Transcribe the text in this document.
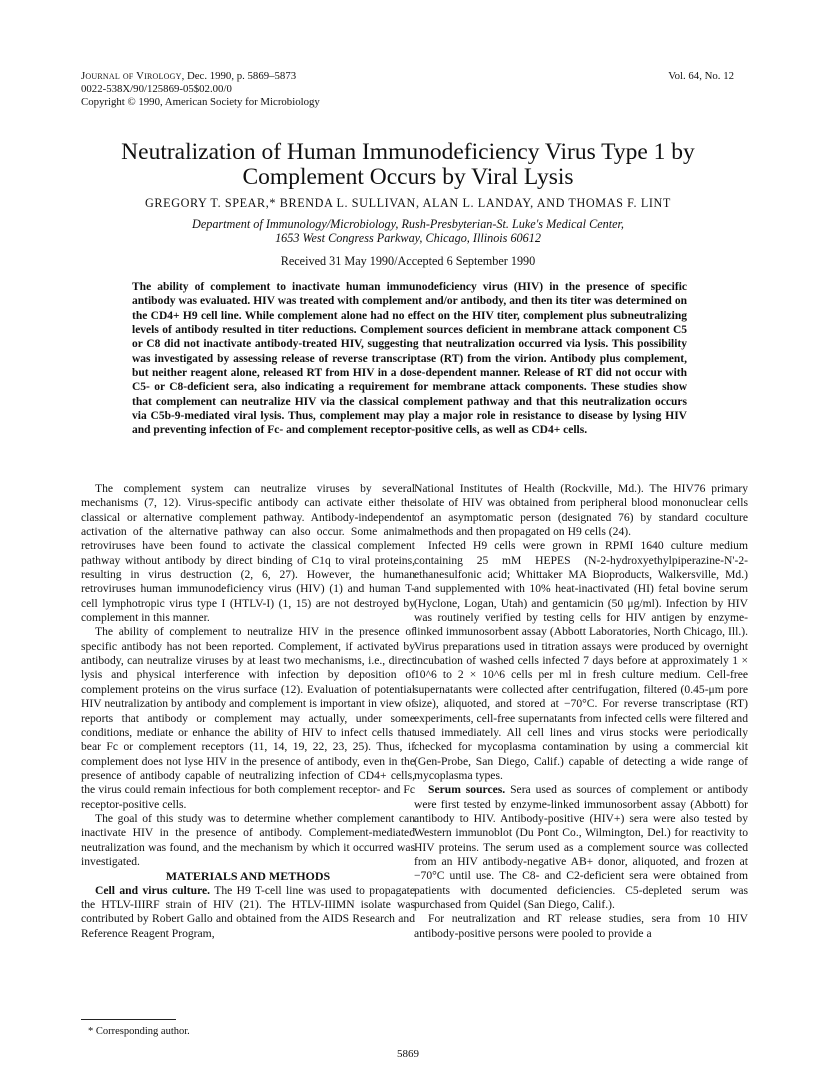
Journal of Virology, Dec. 1990, p. 5869–5873
0022-538X/90/125869-05$02.00/0
Copyright © 1990, American Society for Microbiology
Vol. 64, No. 12
Neutralization of Human Immunodeficiency Virus Type 1 by
Complement Occurs by Viral Lysis
GREGORY T. SPEAR,* BRENDA L. SULLIVAN, ALAN L. LANDAY, AND THOMAS F. LINT
Department of Immunology/Microbiology, Rush-Presbyterian-St. Luke's Medical Center,
1653 West Congress Parkway, Chicago, Illinois 60612
Received 31 May 1990/Accepted 6 September 1990
The ability of complement to inactivate human immunodeficiency virus (HIV) in the presence of specific antibody was evaluated. HIV was treated with complement and/or antibody, and then its titer was determined on the CD4+ H9 cell line. While complement alone had no effect on the HIV titer, complement plus subneutralizing levels of antibody resulted in titer reductions. Complement sources deficient in membrane attack component C5 or C8 did not inactivate antibody-treated HIV, suggesting that neutralization occurred via lysis. This possibility was investigated by assessing release of reverse transcriptase (RT) from the virion. Antibody plus complement, but neither reagent alone, released RT from HIV in a dose-dependent manner. Release of RT did not occur with C5- or C8-deficient sera, also indicating a requirement for membrane attack components. These studies show that complement can neutralize HIV via the classical complement pathway and that this neutralization occurs via C5b-9-mediated viral lysis. Thus, complement may play a major role in resistance to disease by lysing HIV and preventing infection of Fc- and complement receptor-positive cells, as well as CD4+ cells.

The complement system can neutralize viruses by several mechanisms (7, 12). Virus-specific antibody can activate either the classical or alternative complement pathway. Antibody-independent activation of the alternative pathway can also occur. Some animal retroviruses have been found to activate the classical complement pathway without antibody by direct binding of C1q to viral proteins, resulting in virus destruction (2, 6, 27). However, the human retroviruses human immunodeficiency virus (HIV) (1) and human T-cell lymphotropic virus type I (HTLV-I) (1, 15) are not destroyed by complement in this manner.

The ability of complement to neutralize HIV in the presence of specific antibody has not been reported. Complement, if activated by antibody, can neutralize viruses by at least two mechanisms, i.e., direct lysis and physical interference with infection by deposition of complement proteins on the virus surface (12). Evaluation of potential HIV neutralization by antibody and complement is important in view of reports that antibody or complement may actually, under some conditions, mediate or enhance the ability of HIV to infect cells that bear Fc or complement receptors (11, 14, 19, 22, 23, 25). Thus, if complement does not lyse HIV in the presence of antibody, even in the presence of antibody capable of neutralizing infection of CD4+ cells, the virus could remain infectious for both complement receptor- and Fc receptor-positive cells.

The goal of this study was to determine whether complement can inactivate HIV in the presence of antibody. Complement-mediated neutralization was found, and the mechanism by which it occurred was investigated.

MATERIALS AND METHODS

Cell and virus culture. The H9 T-cell line was used to propagate the HTLV-IIIRF strain of HIV (21). The HTLV-IIIMN isolate was contributed by Robert Gallo and obtained from the AIDS Research and Reference Reagent Program,

National Institutes of Health (Rockville, Md.). The HIV76 primary isolate of HIV was obtained from peripheral blood mononuclear cells of an asymptomatic person (designated 76) by standard coculture methods and then propagated on H9 cells (24).

Infected H9 cells were grown in RPMI 1640 culture medium containing 25 mM HEPES (N-2-hydroxyethylpiperazine-N'-2-ethanesulfonic acid; Whittaker MA Bioproducts, Walkersville, Md.) and supplemented with 10% heat-inactivated (HI) fetal bovine serum (Hyclone, Logan, Utah) and gentamicin (50 μg/ml). Infection by HIV was routinely verified by testing cells for HIV antigen by enzyme-linked immunosorbent assay (Abbott Laboratories, North Chicago, Ill.). Virus preparations used in titration assays were produced by overnight incubation of washed cells infected 7 days before at approximately 1 × 10^6 to 2 × 10^6 cells per ml in fresh culture medium. Cell-free supernatants were collected after centrifugation, filtered (0.45-μm pore size), aliquoted, and stored at −70°C. For reverse transcriptase (RT) experiments, cell-free supernatants from infected cells were filtered and used immediately. All cell lines and virus stocks were periodically checked for mycoplasma contamination by using a commercial kit (Gen-Probe, San Diego, Calif.) capable of detecting a wide range of mycoplasma types.

Serum sources. Sera used as sources of complement or antibody were first tested by enzyme-linked immunosorbent assay (Abbott) for antibody to HIV. Antibody-positive (HIV+) sera were also tested by Western immunoblot (Du Pont Co., Wilmington, Del.) for reactivity to HIV proteins. The serum used as a complement source was collected from an HIV antibody-negative AB+ donor, aliquoted, and frozen at −70°C until use. The C8- and C2-deficient sera were obtained from patients with documented deficiencies. C5-depleted serum was purchased from Quidel (San Diego, Calif.).

For neutralization and RT release studies, sera from 10 HIV antibody-positive persons were pooled to provide a

* Corresponding author.
5869
